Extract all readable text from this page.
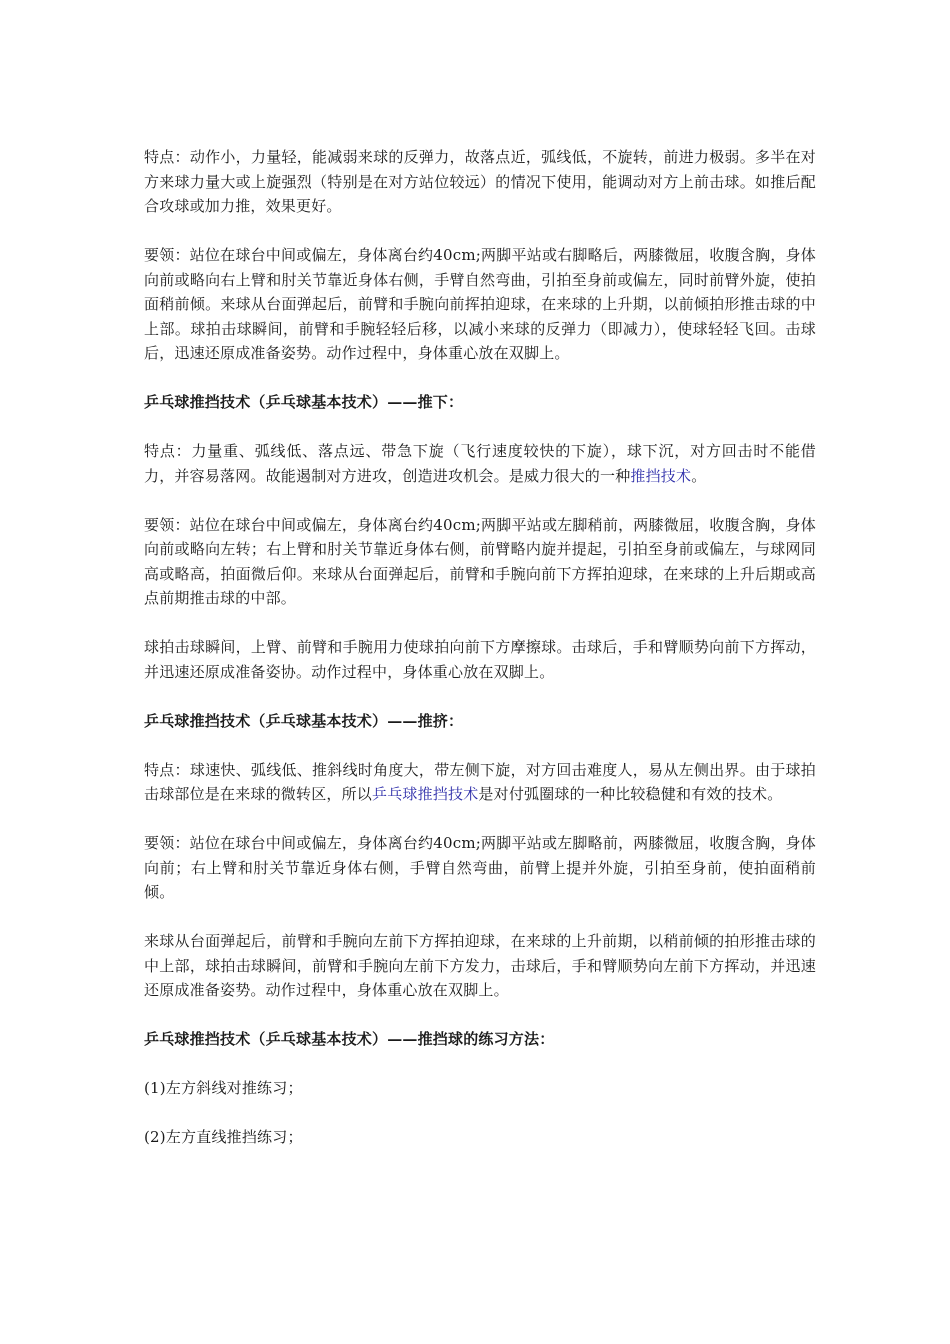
特点：动作小，力量轻，能减弱来球的反弹力，故落点近，弧线低，不旋转，前进力极弱。多半在对方来球力量大或上旋强烈（特别是在对方站位较远）的情况下使用，能调动对方上前击球。如推后配合攻球或加力推，效果更好。

要领：站位在球台中间或偏左，身体离台约40cm;两脚平站或右脚略后，两膝微屈，收腹含胸，身体向前或略向右上臂和肘关节靠近身体右侧，手臂自然弯曲，引拍至身前或偏左，同时前臂外旋，使拍面稍前倾。来球从台面弹起后，前臂和手腕向前挥拍迎球，在来球的上升期，以前倾拍形推击球的中上部。球拍击球瞬间，前臂和手腕轻轻后移，以减小来球的反弹力（即减力），使球轻轻飞回。击球后，迅速还原成准备姿势。动作过程中，身体重心放在双脚上。

乒乓球推挡技术（乒乓球基本技术）——推下：

特点：力量重、弧线低、落点远、带急下旋（飞行速度较快的下旋），球下沉，对方回击时不能借力，并容易落网。故能遏制对方进攻，创造进攻机会。是威力很大的一种推挡技术。

要领：站位在球台中间或偏左，身体离台约40cm;两脚平站或左脚稍前，两膝微屈，收腹含胸，身体向前或略向左转；右上臂和肘关节靠近身体右侧，前臂略内旋并提起，引拍至身前或偏左，与球网同高或略高，拍面微后仰。来球从台面弹起后，前臂和手腕向前下方挥拍迎球，在来球的上升后期或高点前期推击球的中部。

球拍击球瞬间，上臂、前臂和手腕用力使球拍向前下方摩擦球。击球后，手和臂顺势向前下方挥动，并迅速还原成准备姿协。动作过程中，身体重心放在双脚上。

乒乓球推挡技术（乒乓球基本技术）——推挤：

特点：球速快、弧线低、推斜线时角度大，带左侧下旋，对方回击难度人，易从左侧出界。由于球拍击球部位是在来球的微转区，所以乒乓球推挡技术是对付弧圈球的一种比较稳健和有效的技术。

要领：站位在球台中间或偏左，身体离台约40cm;两脚平站或左脚略前，两膝微屈，收腹含胸，身体向前；右上臂和肘关节靠近身体右侧，手臂自然弯曲，前臂上提并外旋，引拍至身前，使拍面稍前倾。

来球从台面弹起后，前臂和手腕向左前下方挥拍迎球，在来球的上升前期，以稍前倾的拍形推击球的中上部，球拍击球瞬间，前臂和手腕向左前下方发力，击球后，手和臂顺势向左前下方挥动，并迅速还原成准备姿势。动作过程中，身体重心放在双脚上。

乒乓球推挡技术（乒乓球基本技术）——推挡球的练习方法：

(1)左方斜线对推练习；

(2)左方直线推挡练习；
